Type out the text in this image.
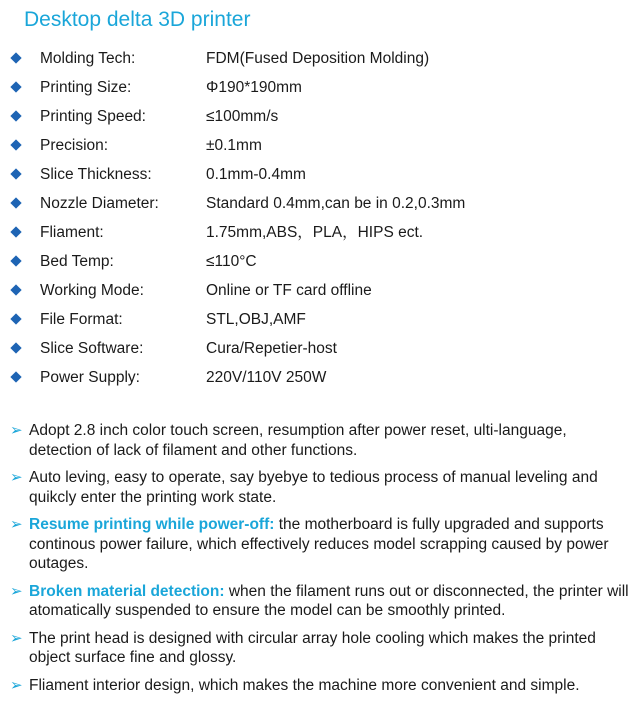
Desktop delta 3D printer
Molding Tech:	FDM(Fused Deposition Molding)
Printing Size:	Φ190*190mm
Printing Speed:	≤100mm/s
Precision:	±0.1mm
Slice Thickness:	0.1mm-0.4mm
Nozzle Diameter:	Standard 0.4mm,can be in 0.2,0.3mm
Fliament:	1.75mm,ABS，PLA，HIPS ect.
Bed Temp:	≤110°C
Working Mode:	Online or TF card offline
File Format:	STL,OBJ,AMF
Slice Software:	Cura/Repetier-host
Power Supply:	220V/110V 250W
➢ Adopt 2.8 inch color touch screen, resumption after power reset, ulti-language, detection of lack of filament and other functions.
➢ Auto leving, easy to operate, say byebye to tedious process of manual leveling and quikcly enter the printing work state.
➢ Resume printing while power-off: the motherboard is fully upgraded and supports continous power failure, which effectively reduces model scrapping caused by power outages.
➢ Broken material detection: when the filament runs out or disconnected, the printer will atomatically suspended to ensure the model can be smoothly printed.
➢ The print head is designed with circular array hole cooling which makes the printed object surface fine and glossy.
➢ Fliament interior design, which makes the machine more convenient and simple.
